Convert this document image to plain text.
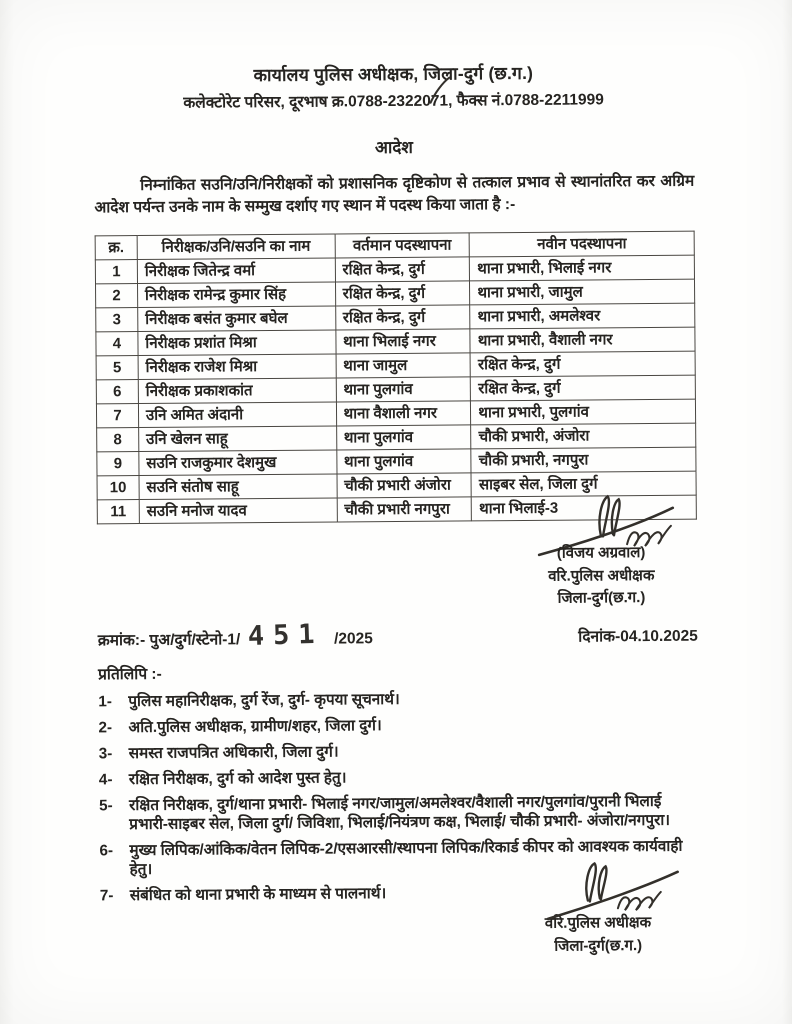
कार्यालय पुलिस अधीक्षक, जिला-दुर्ग (छ.ग.)
कलेक्टोरेट परिसर, दूरभाष क्र.0788-2322071, फैक्स नं.0788-2211999
आदेश

निम्नांकित सउनि/उनि/निरीक्षकों को प्रशासनिक दृष्टिकोण से तत्काल प्रभाव से स्थानांतरित कर अग्रिम आदेश पर्यन्त उनके नाम के सम्मुख दर्शाए गए स्थान में पदस्थ किया जाता है :-

क्र.	निरीक्षक/उनि/सउनि का नाम	वर्तमान पदस्थापना	नवीन पदस्थापना
1	निरीक्षक जितेन्द्र वर्मा	रक्षित केन्द्र, दुर्ग	थाना प्रभारी, भिलाई नगर
2	निरीक्षक रामेन्द्र कुमार सिंह	रक्षित केन्द्र, दुर्ग	थाना प्रभारी, जामुल
3	निरीक्षक बसंत कुमार बघेल	रक्षित केन्द्र, दुर्ग	थाना प्रभारी, अमलेश्वर
4	निरीक्षक प्रशांत मिश्रा	थाना भिलाई नगर	थाना प्रभारी, वैशाली नगर
5	निरीक्षक राजेश मिश्रा	थाना जामुल	रक्षित केन्द्र, दुर्ग
6	निरीक्षक प्रकाशकांत	थाना पुलगांव	रक्षित केन्द्र, दुर्ग
7	उनि अमित अंदानी	थाना वैशाली नगर	थाना प्रभारी, पुलगांव
8	उनि खेलन साहू	थाना पुलगांव	चौकी प्रभारी, अंजोरा
9	सउनि राजकुमार देशमुख	थाना पुलगांव	चौकी प्रभारी, नगपुरा
10	सउनि संतोष साहू	चौकी प्रभारी अंजोरा	साइबर सेल, जिला दुर्ग
11	सउनि मनोज यादव	चौकी प्रभारी नगपुरा	थाना भिलाई-3
क्रमांक:- पुअ/दुर्ग/स्टेनो-1/ 451 /2025	दिनांक-04.10.2025
प्रतिलिपि :-
1-	पुलिस महानिरीक्षक, दुर्ग रेंज, दुर्ग- कृपया सूचनार्थ।
2-	अति.पुलिस अधीक्षक, ग्रामीण/शहर, जिला दुर्ग।
3-	समस्त राजपत्रित अधिकारी, जिला दुर्ग।
4-	रक्षित निरीक्षक, दुर्ग को आदेश पुस्त हेतु।
5-	रक्षित निरीक्षक, दुर्ग/थाना प्रभारी- भिलाई नगर/जामुल/अमलेश्वर/वैशाली नगर/पुलगांव/पुरानी भिलाई प्रभारी-साइबर सेल, जिला दुर्ग/ जिविशा, भिलाई/नियंत्रण कक्ष, भिलाई/ चौकी प्रभारी- अंजोरा/नगपुरा।
6-	मुख्य लिपिक/आंकिक/वेतन लिपिक-2/एसआरसी/स्थापना लिपिक/रिकार्ड कीपर को आवश्यक कार्यवाही हेतु।
7-	संबंधित को थाना प्रभारी के माध्यम से पालनार्थ।
(विजय अग्रवाल)
वरि.पुलिस अधीक्षक
जिला-दुर्ग(छ.ग.)
वरि.पुलिस अधीक्षक
जिला-दुर्ग(छ.ग.)
